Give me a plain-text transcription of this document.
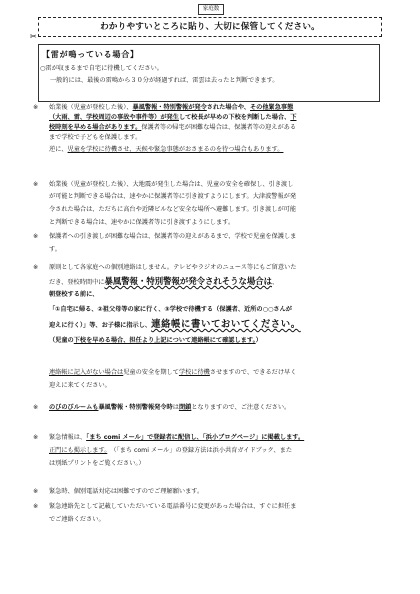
家庭数
わかりやすいところに貼り、大切に保管してください。
✂
【雷が鳴っている場合】
○雷が収まるまで自宅に待機してください。
一般的には、最後の雷鳴から３０分が経過すれば、雷雲は去ったと判断できます。
※	始業後（児童が登校した後）、暴風警報・特別警報が発令された場合や、その他緊急事態
（大雨、雷、学校周辺の事故や事件等）が発生して校長が早めの下校を判断した場合、下
校時刻を早める場合があります。保護者等の帰宅が困難な場合は、保護者等の迎えがある
まで学校で子どもを保護します。
逆に、児童を学校に待機させ、天候や緊急事態がおさまるのを待つ場合もあります。
※	始業後（児童が登校した後）、大地震が発生した場合は、児童の安全を確保し、引き渡し
が可能と判断できる場合は、速やかに保護者等に引き渡すようにします。大津波警報が発
令された場合は、ただちに高台や近隣ビルなど安全な場所へ避難します。引き渡しが可能
と判断できる場合は、速やかに保護者等に引き渡すようにします。
※	保護者への引き渡しが困難な場合は、保護者等の迎えがあるまで、学校で児童を保護しま
す。
※	原則として各家庭への個別連絡はしません。テレビやラジオのニュース等にもご留意いた
だき、登校時間中に暴風警報・特別警報が発令されそうな場合は、
朝登校する前に、
「①自宅に帰る、②祖父母等の家に行く、③学校で待機する（保護者、近所の○○さんが
迎えに行く）」等、お子様に指示し、連絡帳に書いておいてください。
（児童の下校を早める場合、担任より上記について連絡帳にて確認します。）
連絡帳に記入がない場合は児童の安全を期して学校に待機させますので、できるだけ早く
迎えに来てください。
※	のびのびルームも暴風警報・特別警報発令時は閉鎖となりますので、ご注意ください。
※	緊急情報は、「まち comi メール」で登録者に配信し、「浜小ブログページ」に掲載します。
正門にも掲示します。　（「まち comi メール」の登録方法は浜小共育ガイドブック、また
は別紙プリントをご覧ください。）
※	緊急時、個別電話対応は困難ですのでご理解願います。
※	緊急連絡先として記載していただいている電話番号に変更があった場合は、すぐに担任ま
でご連絡ください。
